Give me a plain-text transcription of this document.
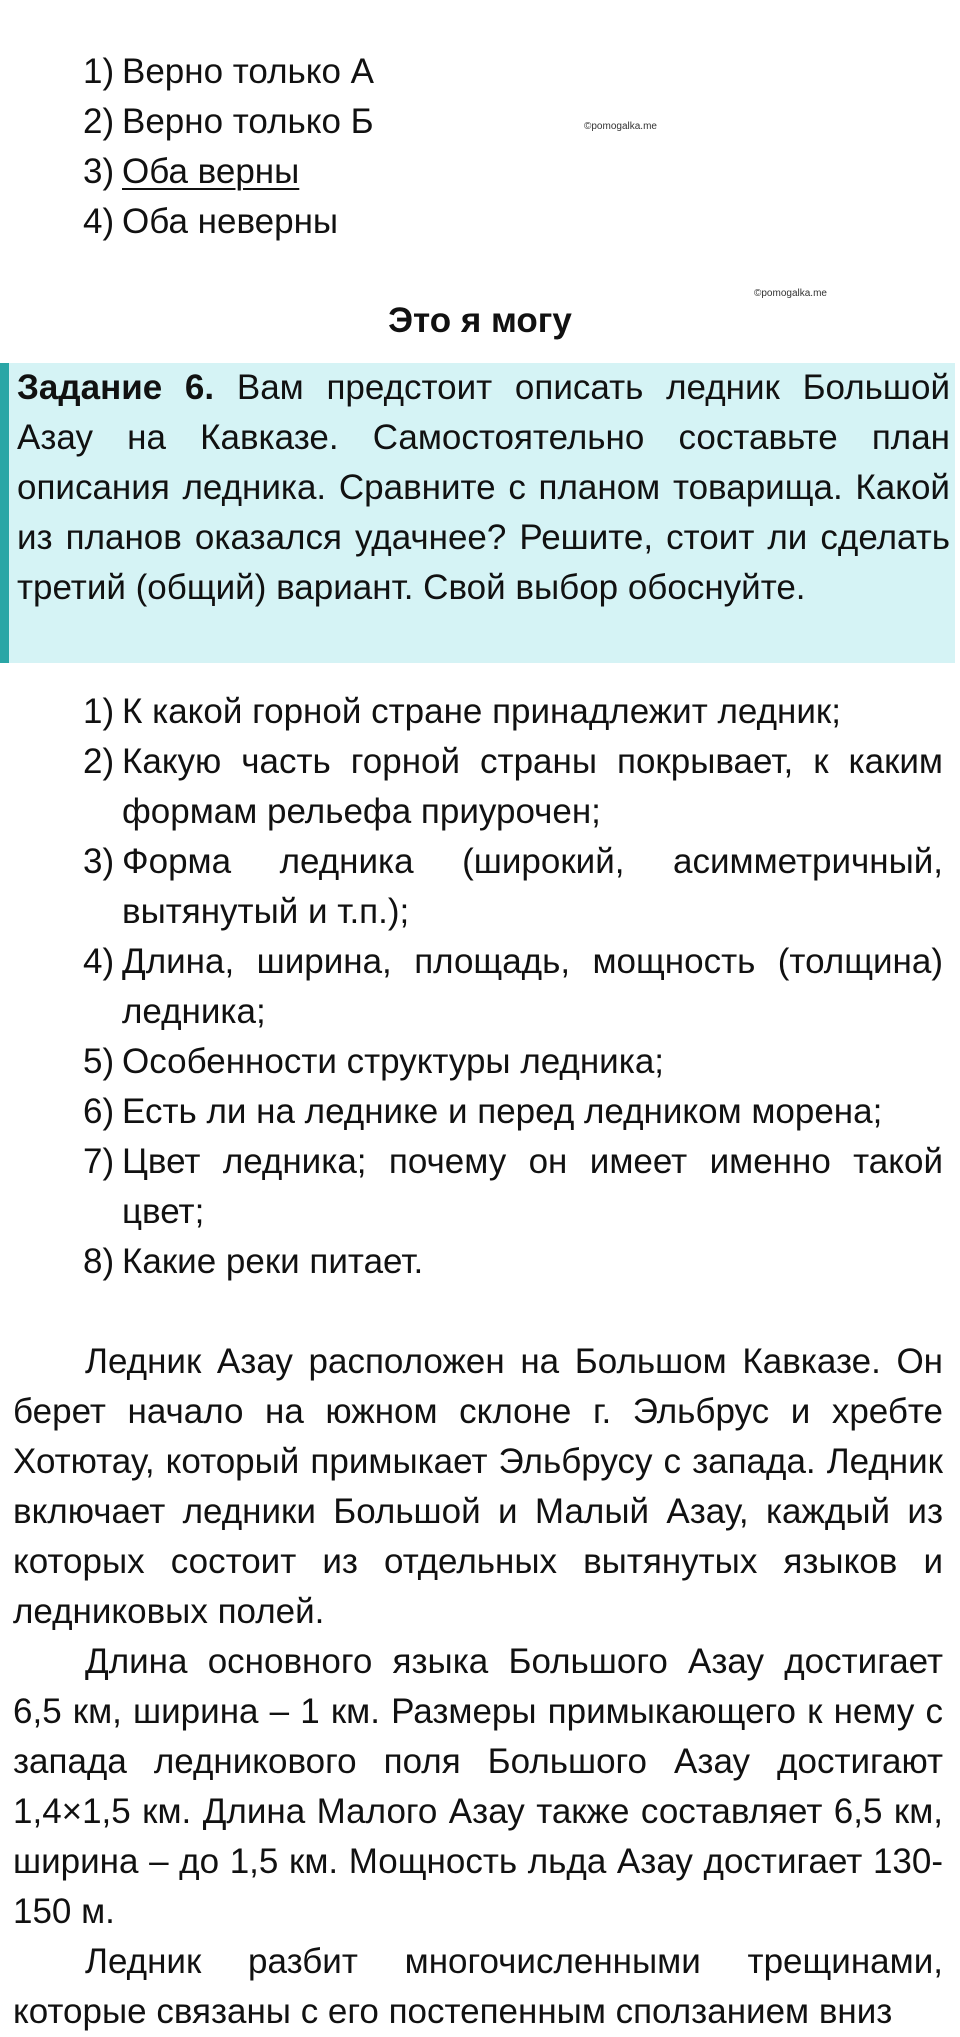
1) Верно только А
2) Верно только Б
3) Оба верны
4) Оба неверны
©pomogalka.me
©pomogalka.me
Это я могу

Задание 6. Вам предстоит описать ледник Большой Азау на Кавказе. Самостоятельно составьте план описания ледника. Сравните с планом товарища. Какой из планов оказался удачнее? Решите, стоит ли сделать третий (общий) вариант. Свой выбор обоснуйте.

1) К какой горной стране принадлежит ледник;
2) Какую часть горной страны покрывает, к каким формам рельефа приурочен;
3) Форма ледника (широкий, асимметричный, вытянутый и т.п.);
4) Длина, ширина, площадь, мощность (толщина) ледника;
5) Особенности структуры ледника;
6) Есть ли на леднике и перед ледником морена;
7) Цвет ледника; почему он имеет именно такой цвет;
8) Какие реки питает.

Ледник Азау расположен на Большом Кавказе. Он берет начало на южном склоне г. Эльбрус и хребте Хотютау, который примыкает Эльбрусу с запада. Ледник включает ледники Большой и Малый Азау, каждый из которых состоит из отдельных вытянутых языков и ледниковых полей.

Длина основного языка Большого Азау достигает 6,5 км, ширина – 1 км. Размеры примыкающего к нему с запада ледникового поля Большого Азау достигают 1,4×1,5 км. Длина Малого Азау также составляет 6,5 км, ширина – до 1,5 км. Мощность льда Азау достигает 130-150 м.

Ледник разбит многочисленными трещинами, которые связаны с его постепенным сползанием вниз
